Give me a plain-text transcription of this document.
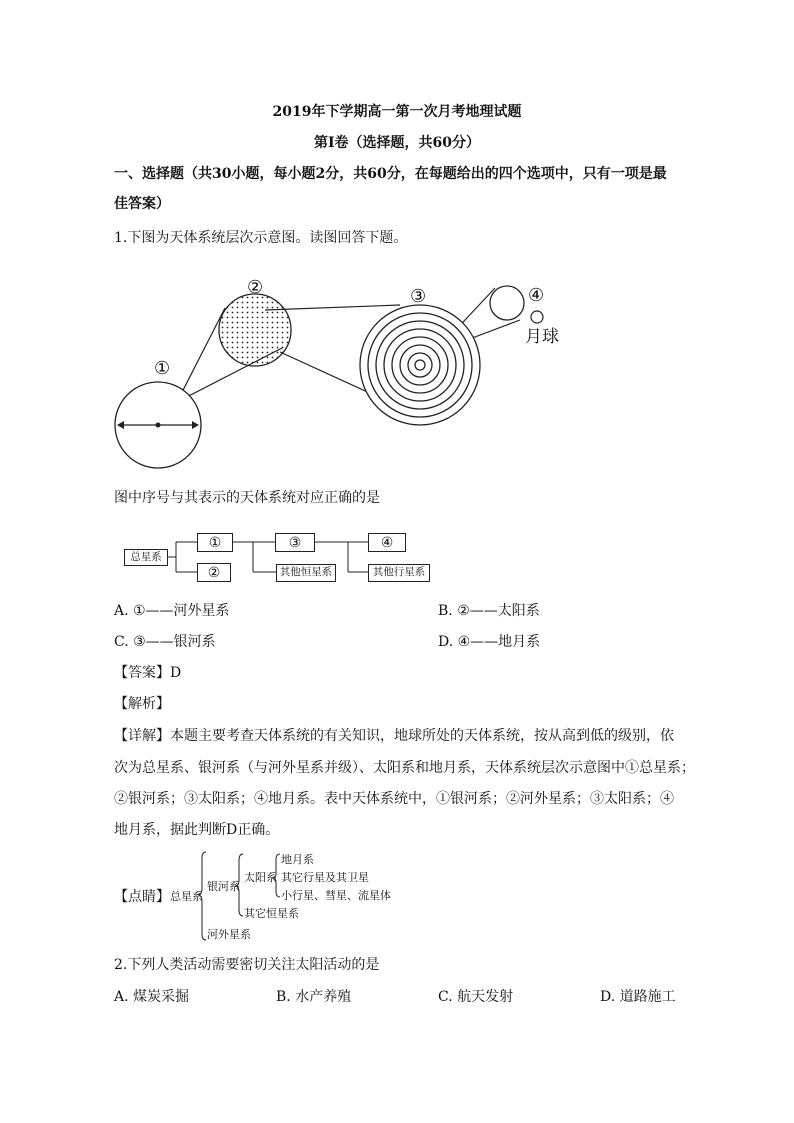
2019年下学期高一第一次月考地理试题
第Ⅰ卷（选择题，共60分）
一、选择题（共30小题，每小题2分，共60分，在每题给出的四个选项中，只有一项是最
佳答案）
1.下图为天体系统层次示意图。读图回答下题。
①
②	③	④
月球
图中序号与其表示的天体系统对应正确的是
总星系
①
②
③
其他恒星系
④
其他行星系
A. ①——河外星系	B. ②——太阳系
C. ③——银河系	D. ④——地月系
【答案】D
【解析】
【详解】本题主要考查天体系统的有关知识，地球所处的天体系统，按从高到低的级别，依
次为总星系、银河系（与河外星系并级）、太阳系和地月系，天体系统层次示意图中①总星系；
②银河系；③太阳系；④地月系。表中天体系统中，①银河系；②河外星系；③太阳系；④
地月系，据此判断D正确。
【点睛】 总星系
银河系
河外星系
太阳系
其它恒星系
地月系
其它行星及其卫星
小行星、彗星、流星体
2.下列人类活动需要密切关注太阳活动的是
A. 煤炭采掘	B. 水产养殖	C. 航天发射	D. 道路施工
